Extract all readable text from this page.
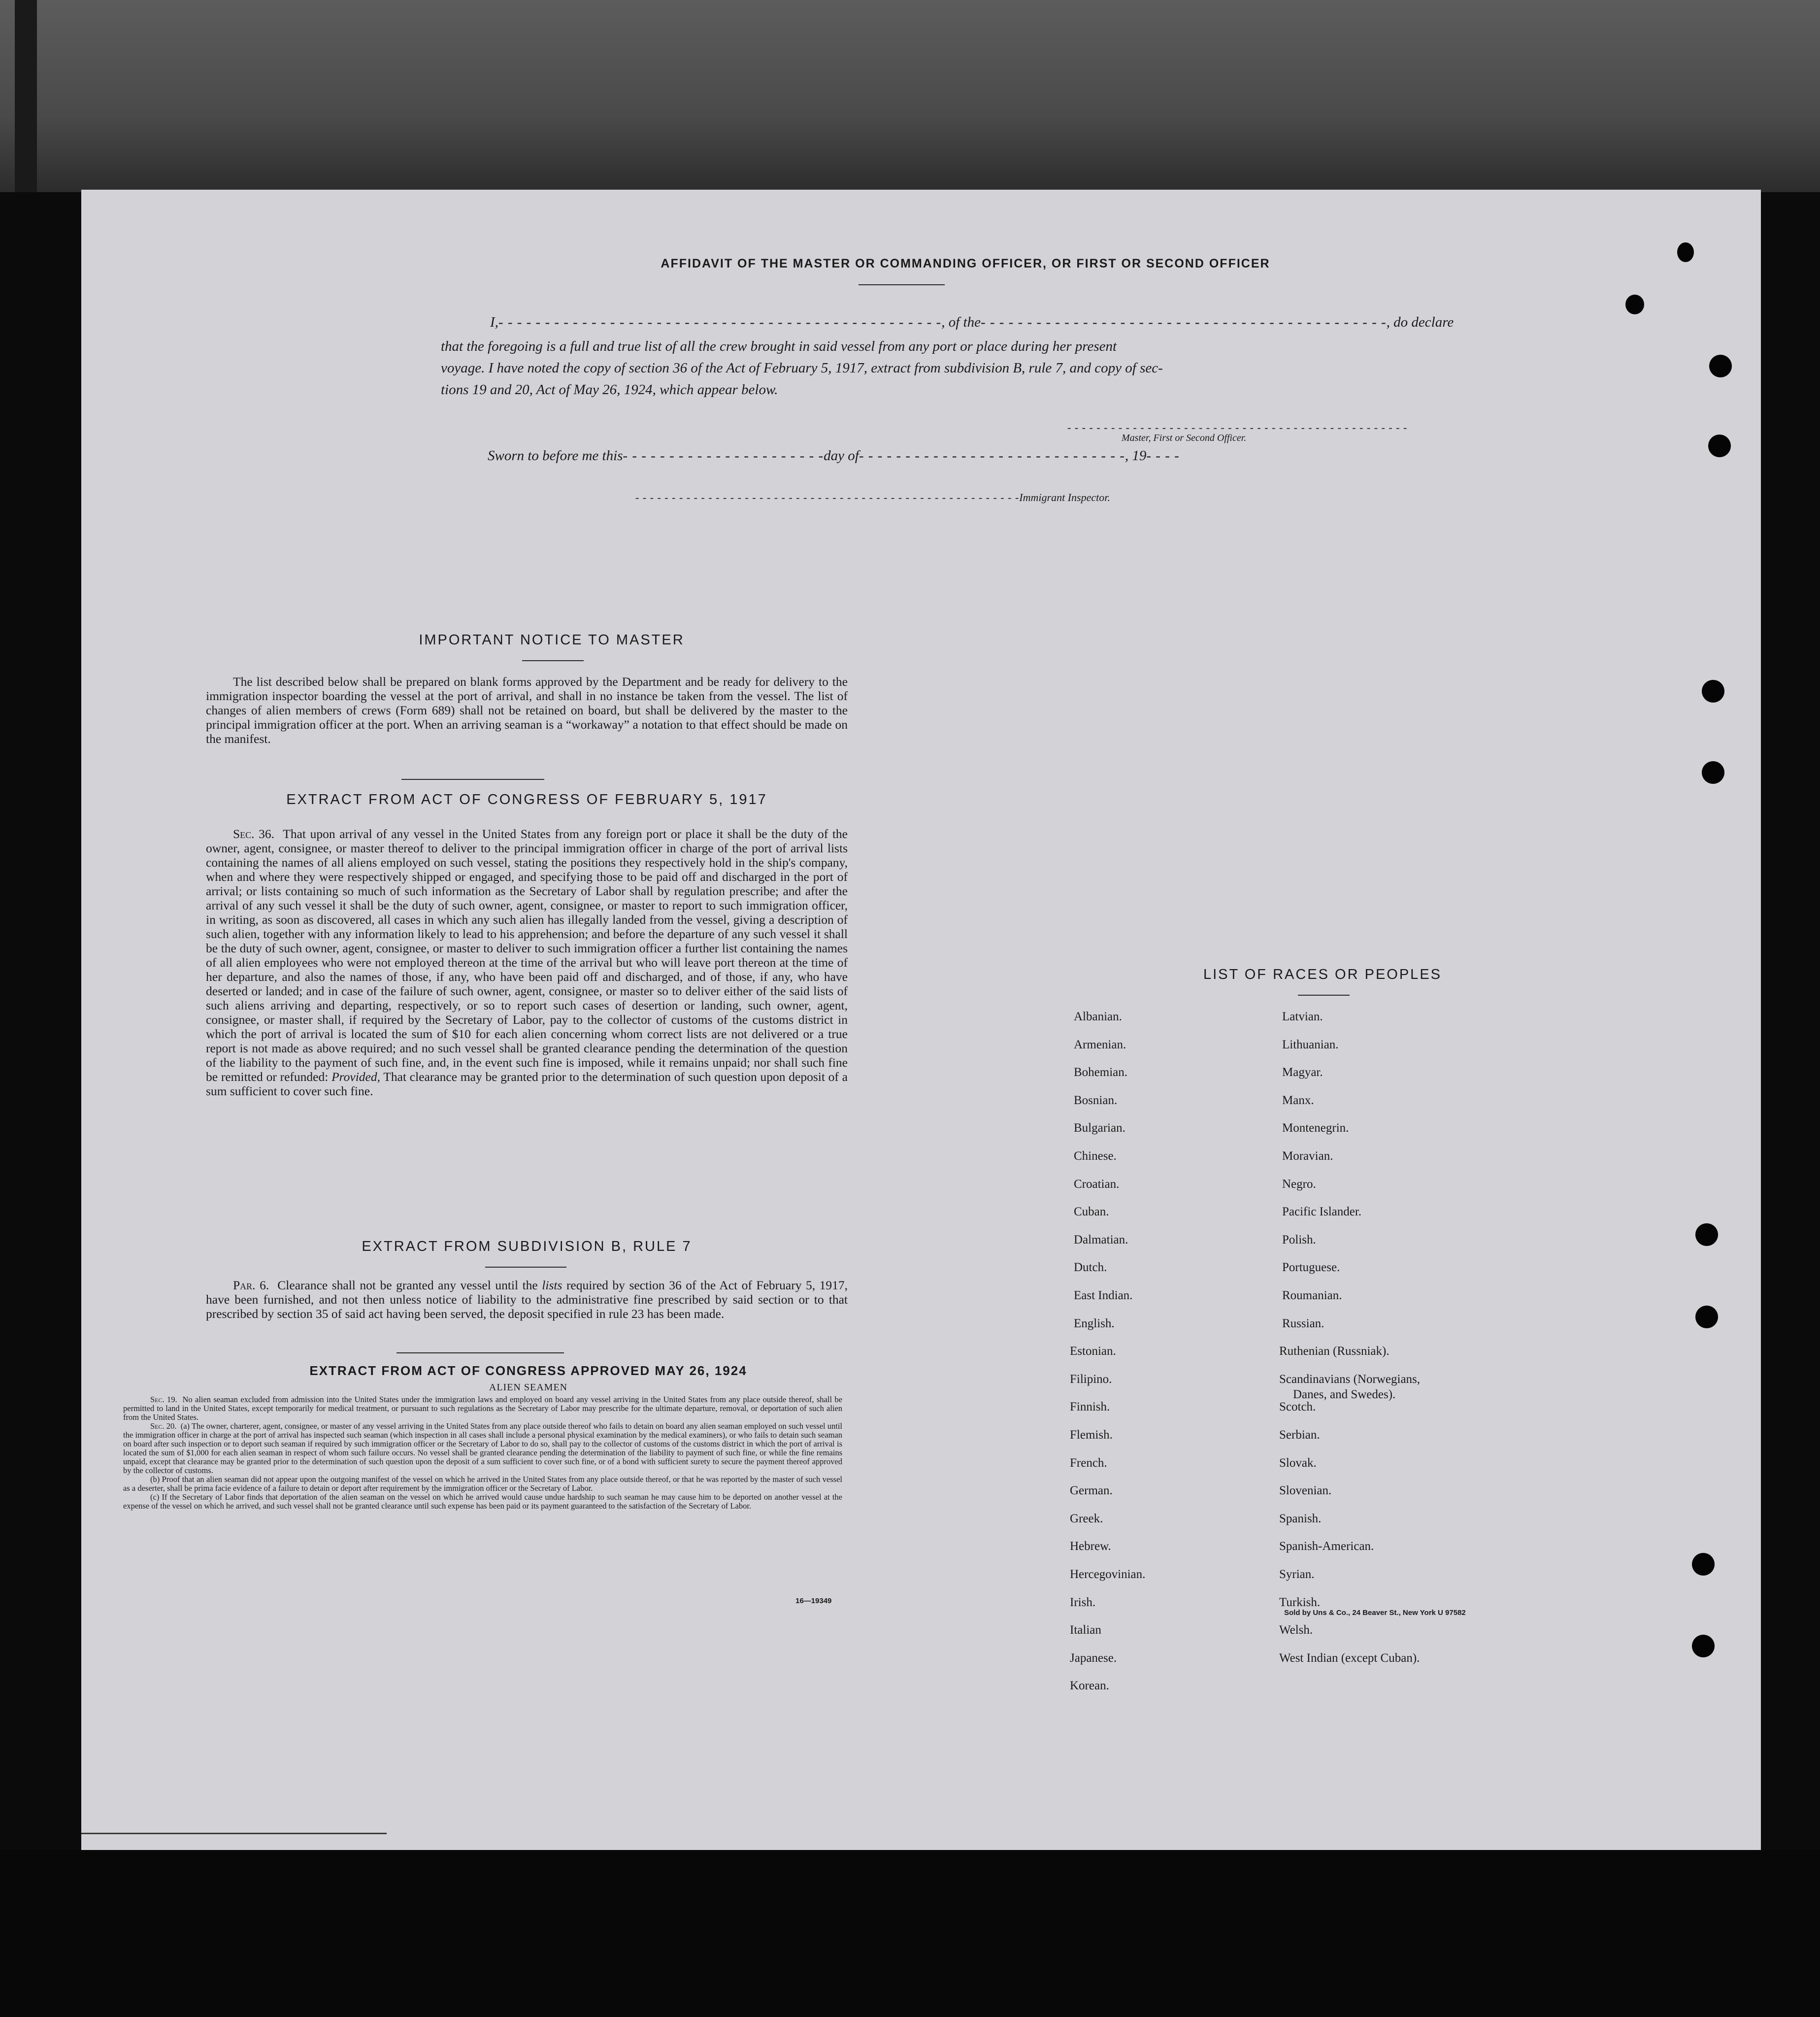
AFFIDAVIT OF THE MASTER OR COMMANDING OFFICER, OR FIRST OR SECOND OFFICER
I,- - - - - - - - - - - - - - - - - - - - - - - - - - - - - - - - - - - - - - - - - - - - - - - -, of the- - - - - - - - - - - - - - - - - - - - - - - - - - - - - - - - - - - - - - - - - - - -, do declare
that the foregoing is a full and true list of all the crew brought in said vessel from any port or place during her present
voyage. I have noted the copy of section 36 of the Act of February 5, 1917, extract from subdivision B, rule 7, and copy of sec-
tions 19 and 20, Act of May 26, 1924, which appear below.
- - - - - - - - - - - - - - - - - - - - - - - - - - - - - - - - - - - - - - - - - - - - - - -
Master, First or Second Officer.
Sworn to before me this- - - - - - - - - - - - - - - - - - - - - -day of- - - - - - - - - - - - - - - - - - - - - - - - - - - - -, 19- - - -
- - - - - - - - - - - - - - - - - - - - - - - - - - - - - - - - - - - - - - - - - - - - - - - - - - - - -Immigrant Inspector.
IMPORTANT NOTICE TO MASTER

The list described below shall be prepared on blank forms approved by the Department and be ready for delivery to the immigration inspector boarding the vessel at the port of arrival, and shall in no instance be taken from the vessel. The list of changes of alien members of crews (Form 689) shall not be retained on board, but shall be delivered by the master to the principal immigration officer at the port. When an arriving seaman is a “workaway” a notation to that effect should be made on the manifest.

EXTRACT FROM ACT OF CONGRESS OF FEBRUARY 5, 1917

Sec. 36. That upon arrival of any vessel in the United States from any foreign port or place it shall be the duty of the owner, agent, consignee, or master thereof to deliver to the principal immigration officer in charge of the port of arrival lists containing the names of all aliens employed on such vessel, stating the positions they respectively hold in the ship's company, when and where they were respectively shipped or engaged, and specifying those to be paid off and discharged in the port of arrival; or lists containing so much of such information as the Secretary of Labor shall by regulation prescribe; and after the arrival of any such vessel it shall be the duty of such owner, agent, consignee, or master to report to such immigration officer, in writing, as soon as discovered, all cases in which any such alien has illegally landed from the vessel, giving a description of such alien, together with any information likely to lead to his apprehension; and before the departure of any such vessel it shall be the duty of such owner, agent, consignee, or master to deliver to such immigration officer a further list containing the names of all alien employees who were not employed thereon at the time of the arrival but who will leave port thereon at the time of her departure, and also the names of those, if any, who have been paid off and discharged, and of those, if any, who have deserted or landed; and in case of the failure of such owner, agent, consignee, or master so to deliver either of the said lists of such aliens arriving and departing, respectively, or so to report such cases of desertion or landing, such owner, agent, consignee, or master shall, if required by the Secretary of Labor, pay to the collector of customs of the customs district in which the port of arrival is located the sum of $10 for each alien concerning whom correct lists are not delivered or a true report is not made as above required; and no such vessel shall be granted clearance pending the determination of the question of the liability to the payment of such fine, and, in the event such fine is imposed, while it remains unpaid; nor shall such fine be remitted or refunded: Provided, That clearance may be granted prior to the determination of such question upon deposit of a sum sufficient to cover such fine.

EXTRACT FROM SUBDIVISION B, RULE 7

Par. 6. Clearance shall not be granted any vessel until the lists required by section 36 of the Act of February 5, 1917, have been furnished, and not then unless notice of liability to the administrative fine prescribed by said section or to that prescribed by section 35 of said act having been served, the deposit specified in rule 23 has been made.

EXTRACT FROM ACT OF CONGRESS APPROVED MAY 26, 1924
ALIEN SEAMEN

Sec. 19. No alien seaman excluded from admission into the United States under the immigration laws and employed on board any vessel arriving in the United States from any place outside thereof, shall be permitted to land in the United States, except temporarily for medical treatment, or pursuant to such regulations as the Secretary of Labor may prescribe for the ultimate departure, removal, or deportation of such alien from the United States.

Sec. 20. (a) The owner, charterer, agent, consignee, or master of any vessel arriving in the United States from any place outside thereof who fails to detain on board any alien seaman employed on such vessel until the immigration officer in charge at the port of arrival has inspected such seaman (which inspection in all cases shall include a personal physical examination by the medical examiners), or who fails to detain such seaman on board after such inspection or to deport such seaman if required by such immigration officer or the Secretary of Labor to do so, shall pay to the collector of customs of the customs district in which the port of arrival is located the sum of $1,000 for each alien seaman in respect of whom such failure occurs. No vessel shall be granted clearance pending the determination of the liability to payment of such fine, or while the fine remains unpaid, except that clearance may be granted prior to the determination of such question upon the deposit of a sum sufficient to cover such fine, or of a bond with sufficient surety to secure the payment thereof approved by the collector of customs.

(b) Proof that an alien seaman did not appear upon the outgoing manifest of the vessel on which he arrived in the United States from any place outside thereof, or that he was reported by the master of such vessel as a deserter, shall be prima facie evidence of a failure to detain or deport after requirement by the immigration officer or the Secretary of Labor.

(c) If the Secretary of Labor finds that deportation of the alien seaman on the vessel on which he arrived would cause undue hardship to such seaman he may cause him to be deported on another vessel at the expense of the vessel on which he arrived, and such vessel shall not be granted clearance until such expense has been paid or its payment guaranteed to the satisfaction of the Secretary of Labor.

16—19349
LIST OF RACES OR PEOPLES
Sold by Uns & Co., 24 Beaver St., New York U 97582
Albanian.
Armenian.
Bohemian.
Bosnian.
Bulgarian.
Chinese.
Croatian.
Cuban.
Dalmatian.
Dutch.
East Indian.
English.
Estonian.
Filipino.
Finnish.
Flemish.
French.
German.
Greek.
Hebrew.
Hercegovinian.
Irish.
Italian
Japanese.
Korean.
Latvian.
Lithuanian.
Magyar.
Manx.
Montenegrin.
Moravian.
Negro.
Pacific Islander.
Polish.
Portuguese.
Roumanian.
Russian.
Ruthenian (Russniak).
Scandinavians (Norwegians,
Danes, and Swedes).
Scotch.
Serbian.
Slovak.
Slovenian.
Spanish.
Spanish-American.
Syrian.
Turkish.
Welsh.
West Indian (except Cuban).
